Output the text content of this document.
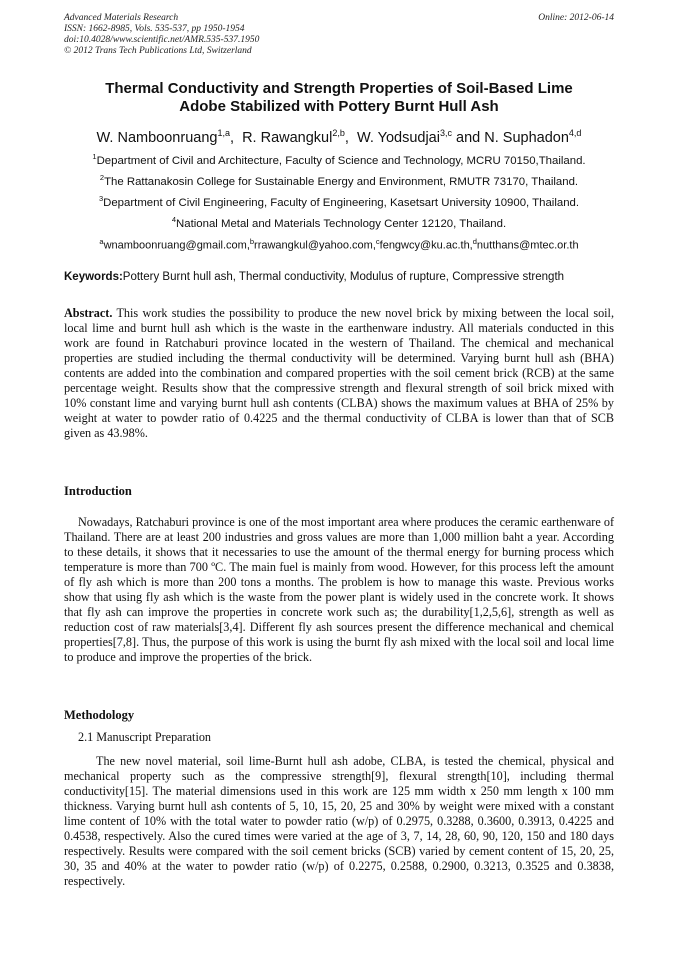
Advanced Materials Research
ISSN: 1662-8985, Vols. 535-537, pp 1950-1954
doi:10.4028/www.scientific.net/AMR.535-537.1950
© 2012 Trans Tech Publications Ltd, Switzerland
Online: 2012-06-14
Thermal Conductivity and Strength Properties of Soil-Based Lime
Adobe Stabilized with Pottery Burnt Hull Ash
W. Namboonruang$^{1,a}$, R. Rawangkul$^{2,b}$, W. Yodsudjai$^{3,c}$ and N. Suphadon$^{4,d}$
$^1$Department of Civil and Architecture, Faculty of Science and Technology, MCRU 70150,Thailand.
$^2$The Rattanakosin College for Sustainable Energy and Environment, RMUTR 73170, Thailand.
$^3$Department of Civil Engineering, Faculty of Engineering, Kasetsart University 10900, Thailand.
$^4$National Metal and Materials Technology Center 12120, Thailand.
$^a$wnamboonruang@gmail.com,$^b$rrawangkul@yahoo.com,$^c$fengwcy@ku.ac.th,$^d$nutthans@mtec.or.th
Keywords:Pottery Burnt hull ash, Thermal conductivity, Modulus of rupture, Compressive strength
Abstract. This work studies the possibility to produce the new novel brick by mixing between the local soil, local lime and burnt hull ash which is the waste in the earthenware industry. All materials conducted in this work are found in Ratchaburi province located in the western of Thailand. The chemical and mechanical properties are studied including the thermal conductivity will be determined. Varying burnt hull ash (BHA) contents are added into the combination and compared properties with the soil cement brick (RCB) at the same percentage weight. Results show that the compressive strength and flexural strength of soil brick mixed with 10% constant lime and varying burnt hull ash contents (CLBA) shows the maximum values at BHA of 25% by weight at water to powder ratio of 0.4225 and the thermal conductivity of CLBA is lower than that of SCB given as 43.98%.
Introduction
Nowadays, Ratchaburi province is one of the most important area where produces the ceramic earthenware of Thailand. There are at least 200 industries and gross values are more than 1,000 million baht a year. According to these details, it shows that it necessaries to use the amount of the thermal energy for burning process which temperature is more than 700 ºC. The main fuel is mainly from wood. However, for this process left the amount of fly ash which is more than 200 tons a months. The problem is how to manage this waste. Previous works show that using fly ash which is the waste from the power plant is widely used in the concrete work. It shows that fly ash can improve the properties in concrete work such as; the durability[1,2,5,6], strength as well as reduction cost of raw materials[3,4]. Different fly ash sources present the difference mechanical and chemical properties[7,8]. Thus, the purpose of this work is using the burnt fly ash mixed with the local soil and local lime to produce and improve the properties of the brick.
Methodology
2.1 Manuscript Preparation
The new novel material, soil lime-Burnt hull ash adobe, CLBA, is tested the chemical, physical and mechanical property such as the compressive strength[9], flexural strength[10], including thermal conductivity[15]. The material dimensions used in this work are 125 mm width x 250 mm length x 100 mm thickness. Varying burnt hull ash contents of 5, 10, 15, 20, 25 and 30% by weight were mixed with a constant lime content of 10% with the total water to powder ratio (w/p) of 0.2975, 0.3288, 0.3600, 0.3913, 0.4225 and 0.4538, respectively. Also the cured times were varied at the age of 3, 7, 14, 28, 60, 90, 120, 150 and 180 days respectively. Results were compared with the soil cement bricks (SCB) varied by cement content of 15, 20, 25, 30, 35 and 40% at the water to powder ratio (w/p) of 0.2275, 0.2588, 0.2900, 0.3213, 0.3525 and 0.3838, respectively.
